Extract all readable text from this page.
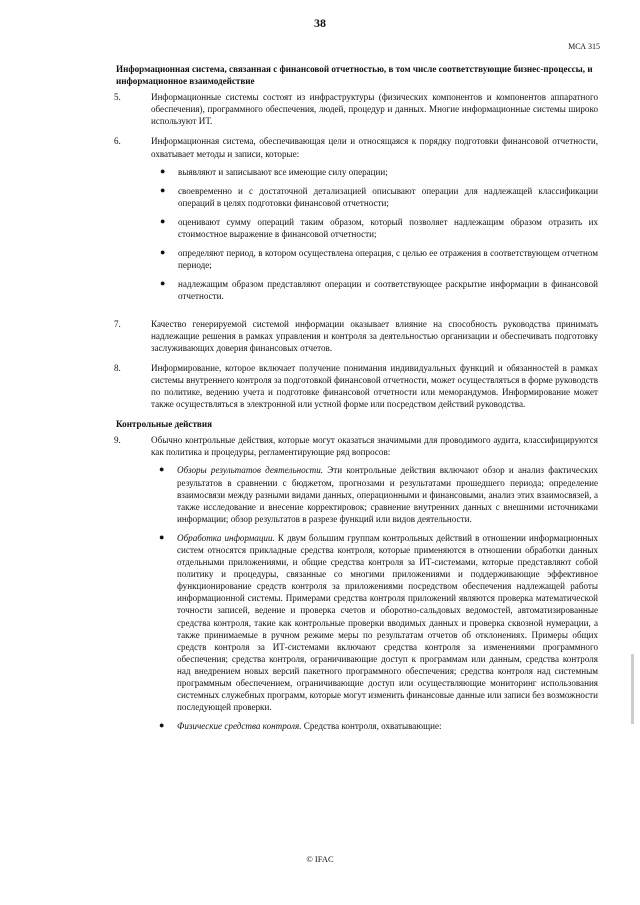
38
МСА 315
Информационная система, связанная с финансовой отчетностью, в том числе соответствующие бизнес-процессы, и информационное взаимодействие
5.	Информационные системы состоят из инфраструктуры (физических компонентов и компонентов аппаратного обеспечения), программного обеспечения, людей, процедур и данных. Многие информационные системы широко используют ИТ.
6.	Информационная система, обеспечивающая цели и относящаяся к порядку подготовки финансовой отчетности, охватывает методы и записи, которые:
●	выявляют и записывают все имеющие силу операции;
●	своевременно и с достаточной детализацией описывают операции для надлежащей классификации операций в целях подготовки финансовой отчетности;
●	оценивают сумму операций таким образом, который позволяет надлежащим образом отразить их стоимостное выражение в финансовой отчетности;
●	определяют период, в котором осуществлена операция, с целью ее отражения в соответствующем отчетном периоде;
●	надлежащим образом представляют операции и соответствующее раскрытие информации в финансовой отчетности.
7.	Качество генерируемой системой информации оказывает влияние на способность руководства принимать надлежащие решения в рамках управления и контроля за деятельностью организации и обеспечивать подготовку заслуживающих доверия финансовых отчетов.
8.	Информирование, которое включает получение понимания индивидуальных функций и обязанностей в рамках системы внутреннего контроля за подготовкой финансовой отчетности, может осуществляться в форме руководств по политике, ведению учета и подготовке финансовой отчетности или меморандумов. Информирование может также осуществляться в электронной или устной форме или посредством действий руководства.
Контрольные действия
9.	Обычно контрольные действия, которые могут оказаться значимыми для проводимого аудита, классифицируются как политика и процедуры, регламентирующие ряд вопросов:
●	Обзоры результатов деятельности. Эти контрольные действия включают обзор и анализ фактических результатов в сравнении с бюджетом, прогнозами и результатами прошедшего периода; определение взаимосвязи между разными видами данных, операционными и финансовыми, анализ этих взаимосвязей, а также исследование и внесение корректировок; сравнение внутренних данных с внешними источниками информации; обзор результатов в разрезе функций или видов деятельности.
●	Обработка информации. К двум большим группам контрольных действий в отношении информационных систем относятся прикладные средства контроля, которые применяются в отношении обработки данных отдельными приложениями, и общие средства контроля за ИТ-системами, которые представляют собой политику и процедуры, связанные со многими приложениями и поддерживающие эффективное функционирование средств контроля за приложениями посредством обеспечения надлежащей работы информационной системы. Примерами средства контроля приложений являются проверка математической точности записей, ведение и проверка счетов и оборотно-сальдовых ведомостей, автоматизированные средства контроля, такие как контрольные проверки вводимых данных и проверка сквозной нумерации, а также принимаемые в ручном режиме меры по результатам отчетов об отклонениях. Примеры общих средств контроля за ИТ-системами включают средства контроля за изменениями программного обеспечения; средства контроля, ограничивающие доступ к программам или данным, средства контроля над внедрением новых версий пакетного программного обеспечения; средства контроля над системным программным обеспечением, ограничивающие доступ или осуществляющие мониторинг использования системных служебных программ, которые могут изменить финансовые данные или записи без возможности последующей проверки.
●	Физические средства контроля. Средства контроля, охватывающие:
© IFAC
